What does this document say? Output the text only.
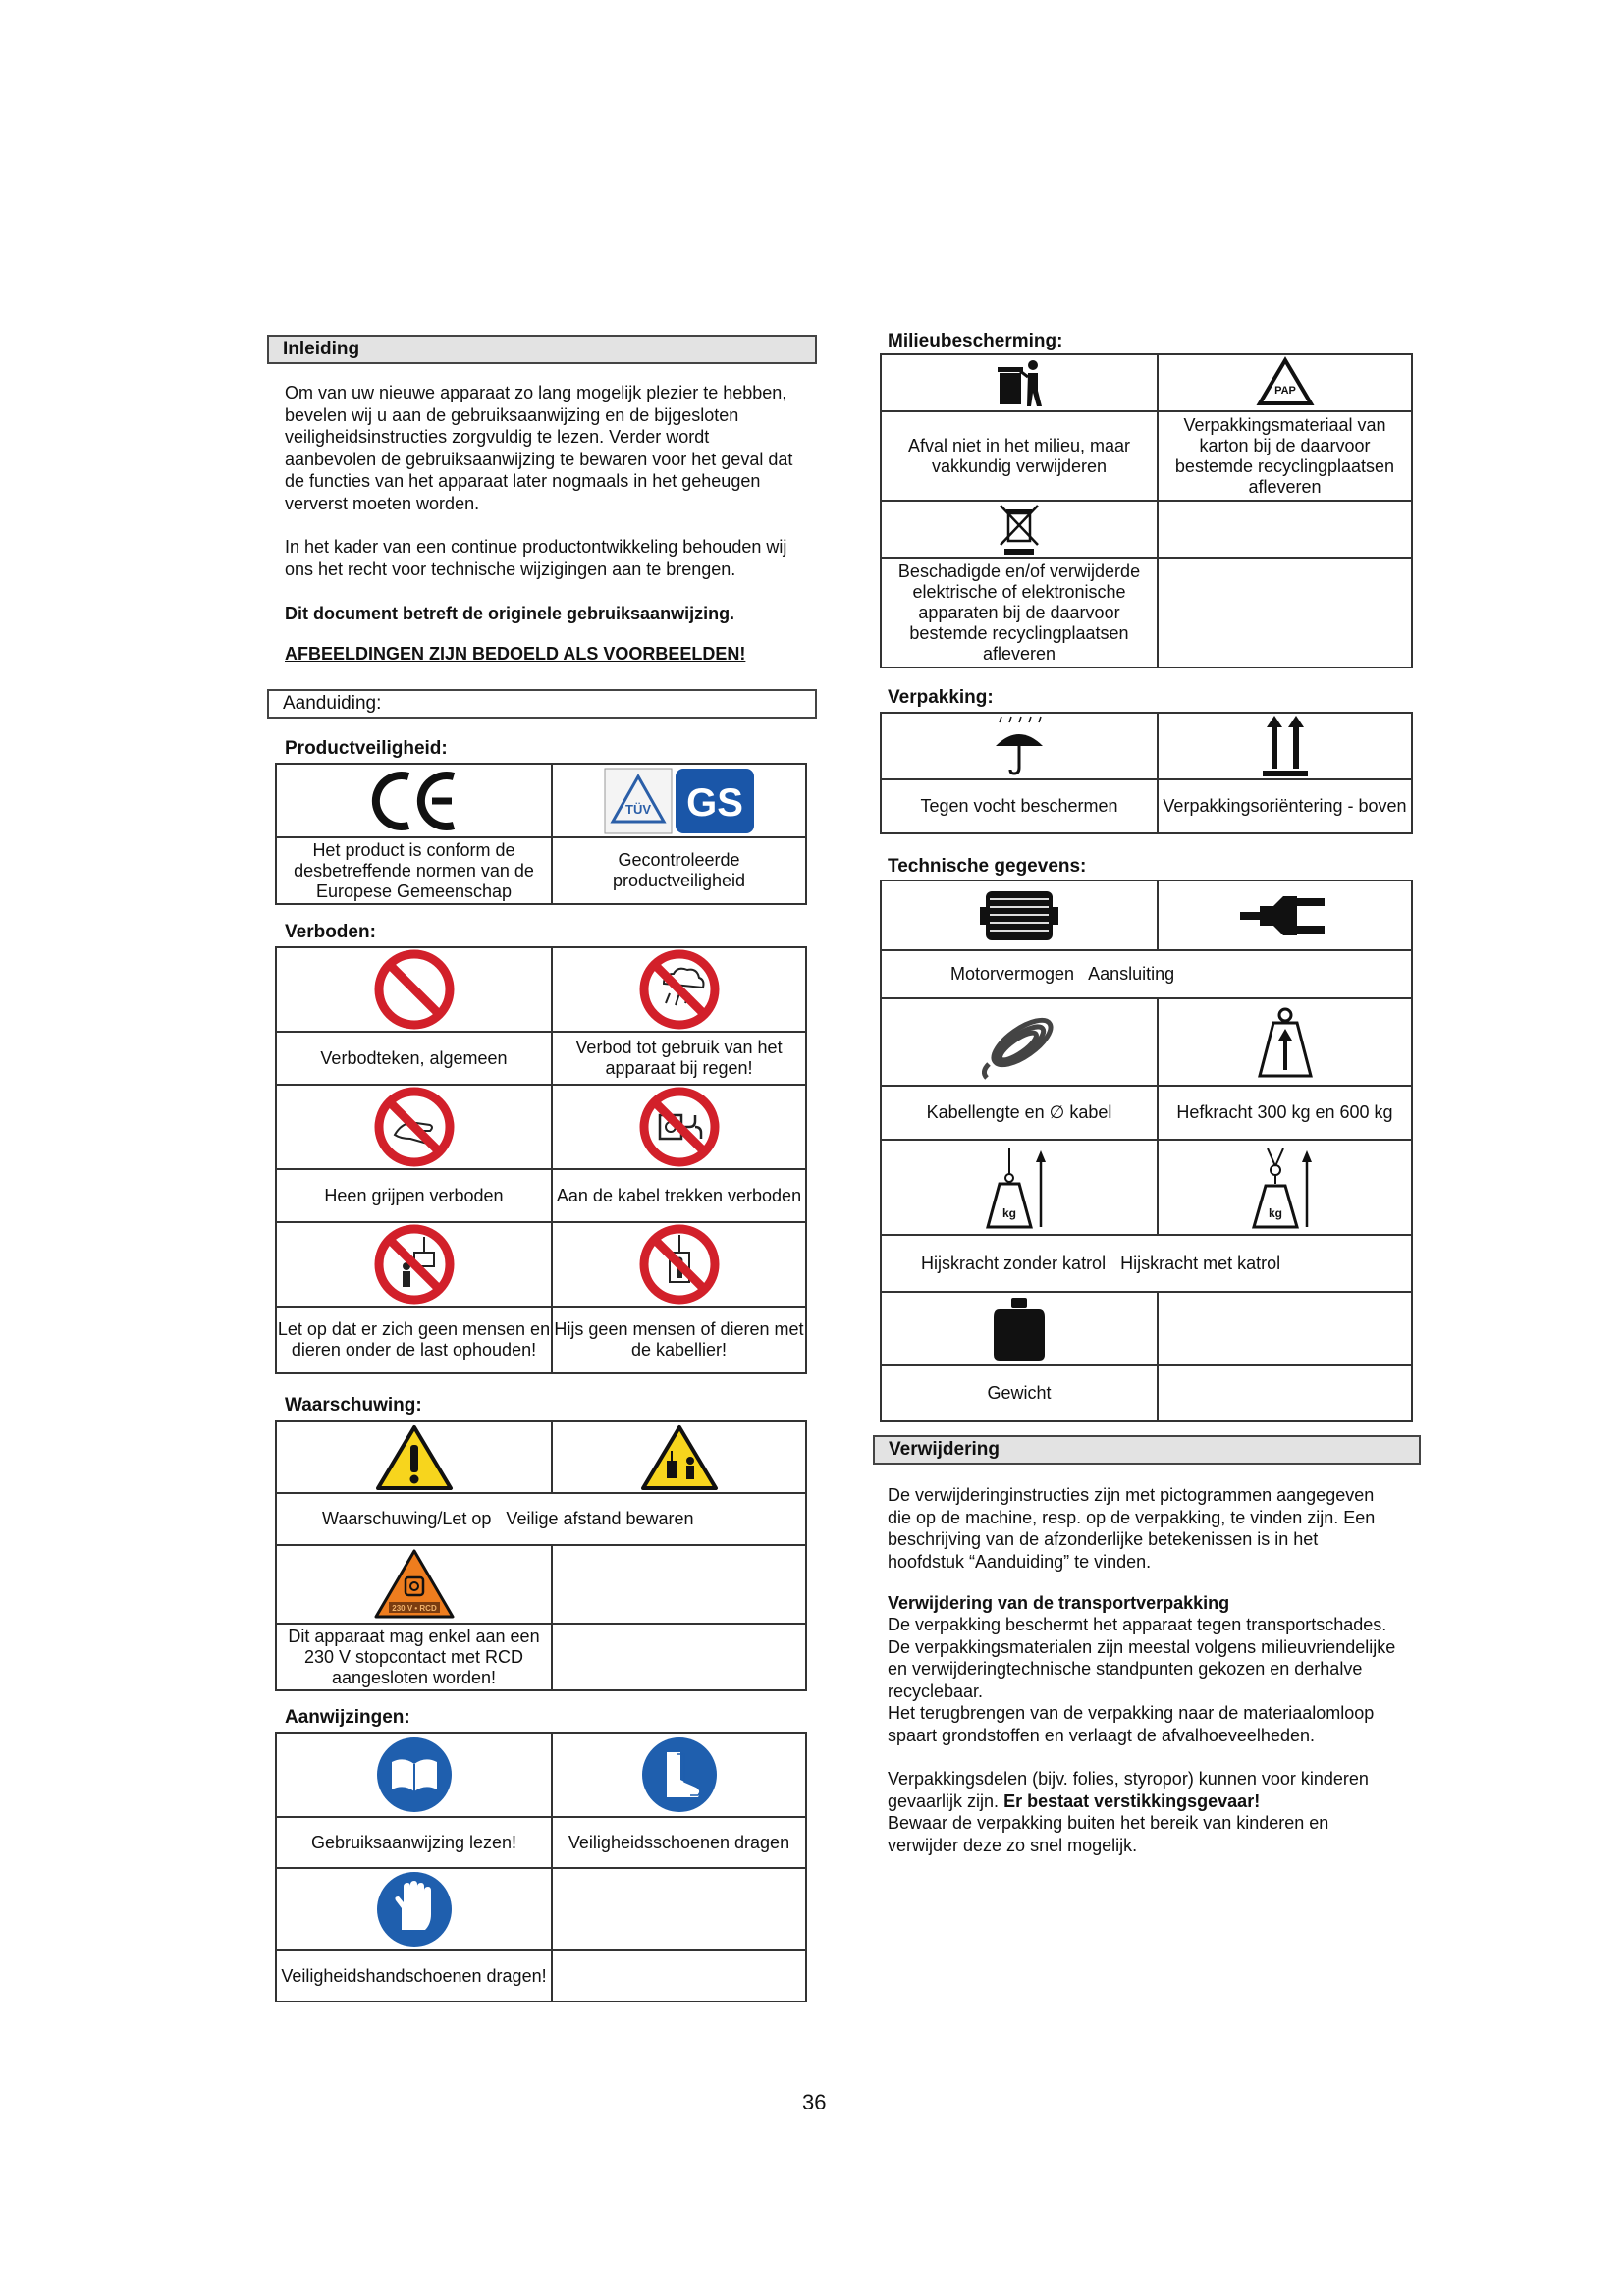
Inleiding

Om van uw nieuwe apparaat zo lang mogelijk plezier te hebben, bevelen wij u aan de gebruiksaanwijzing en de bijgesloten veiligheidsinstructies zorgvuldig te lezen. Verder wordt aanbevolen de gebruiksaanwijzing te bewaren voor het geval dat de functies van het apparaat later nogmaals in het geheugen ververst moeten worden.

In het kader van een continue productontwikkeling behouden wij ons het recht voor technische wijzigingen aan te brengen.

Dit document betreft de originele gebruiksaanwijzing.

AFBEELDINGEN ZIJN BEDOELD ALS VOORBEELDEN!

Aanduiding:
Productveiligheid:

TÜV GS

Het product is conform de desbetreffende normen van de Europese Gemeenschap	Gecontroleerde productveiligheid
Verboden:

Verbodteken, algemeen	Verbod tot gebruik van het apparaat bij regen!

Heen grijpen verboden	Aan de kabel trekken verboden

Let op dat er zich geen mensen en dieren onder de last ophouden!	Hijs geen mensen of dieren met de kabellier!
Waarschuwing:

Waarschuwing/Let op   Veilige afstand bewaren	

230 V • RCD	

Dit apparaat mag enkel aan een 230 V stopcontact met RCD aangesloten worden!	
Aanwijzingen:

Gebruiksaanwijzing lezen!	Veiligheidsschoenen dragen

Veiligheidshandschoenen dragen!	
Milieubescherming:

PAP

Afval niet in het milieu, maar vakkundig verwijderen	Verpakkingsmateriaal van karton bij de daarvoor bestemde recyclingplaatsen afleveren

Beschadigde en/of verwijderde elektrische of elektronische apparaten bij de daarvoor bestemde recyclingplaatsen afleveren	
Verpakking:

Tegen vocht beschermen	Verpakkingsoriëntering - boven
Technische gegevens:

Motorvermogen   Aansluiting	

Kabellengte en ∅ kabel	Hefkracht 300 kg en 600 kg

kg	kg

Hijskracht zonder katrol   Hijskracht met katrol	

Gewicht	
Verwijdering

De verwijderinginstructies zijn met pictogrammen aangegeven die op de machine, resp. op de verpakking, te vinden zijn. Een beschrijving van de afzonderlijke betekenissen is in het hoofdstuk “Aanduiding” te vinden.

Verwijdering van de transportverpakking

De verpakking beschermt het apparaat tegen transportschades. De verpakkingsmaterialen zijn meestal volgens milieuvriendelijke en verwijderingtechnische standpunten gekozen en derhalve recyclebaar.

Het terugbrengen van de verpakking naar de materiaalomloop spaart grondstoffen en verlaagt de afvalhoeveelheden.

Verpakkingsdelen (bijv. folies, styropor) kunnen voor kinderen gevaarlijk zijn. Er bestaat verstikkingsgevaar!

Bewaar de verpakking buiten het bereik van kinderen en verwijder deze zo snel mogelijk.

36
